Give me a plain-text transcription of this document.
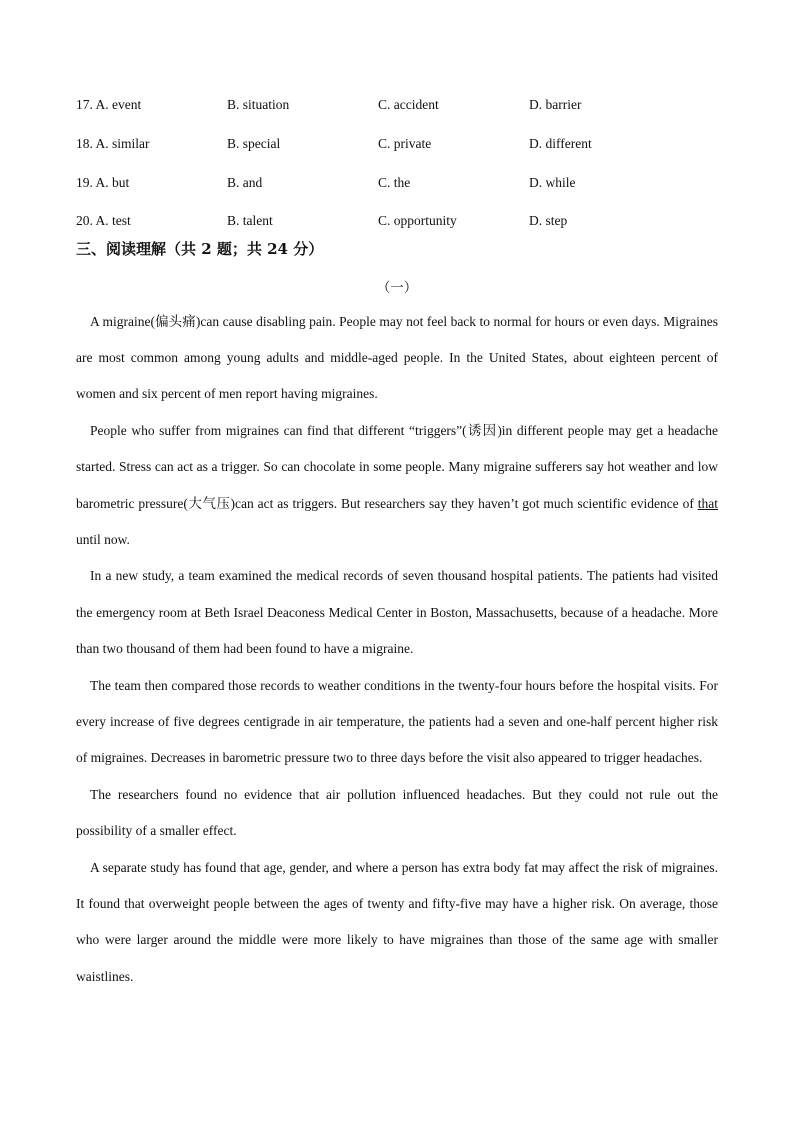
17. A. event	B. situation	C. accident	D. barrier
18. A. similar	B. special	C. private	D. different
19. A. but	B. and	C. the	D. while
20. A. test	B. talent	C. opportunity	D. step
三、阅读理解（共 2 题；共 24 分）
（一）

A migraine(偏头痛)can cause disabling pain. People may not feel back to normal for hours or even days. Migraines are most common among young adults and middle-aged people. In the United States, about eighteen percent of women and six percent of men report having migraines.

People who suffer from migraines can find that different “triggers”(诱因)in different people may get a headache started. Stress can act as a trigger. So can chocolate in some people. Many migraine sufferers say hot weather and low barometric pressure(大气压)can act as triggers. But researchers say they haven’t got much scientific evidence of that until now.

In a new study, a team examined the medical records of seven thousand hospital patients. The patients had visited the emergency room at Beth Israel Deaconess Medical Center in Boston, Massachusetts, because of a headache. More than two thousand of them had been found to have a migraine.

The team then compared those records to weather conditions in the twenty-four hours before the hospital visits. For every increase of five degrees centigrade in air temperature, the patients had a seven and one-half percent higher risk of migraines. Decreases in barometric pressure two to three days before the visit also appeared to trigger headaches.

The researchers found no evidence that air pollution influenced headaches. But they could not rule out the possibility of a smaller effect.

A separate study has found that age, gender, and where a person has extra body fat may affect the risk of migraines. It found that overweight people between the ages of twenty and fifty-five may have a higher risk. On average, those who were larger around the middle were more likely to have migraines than those of the same age with smaller waistlines.
